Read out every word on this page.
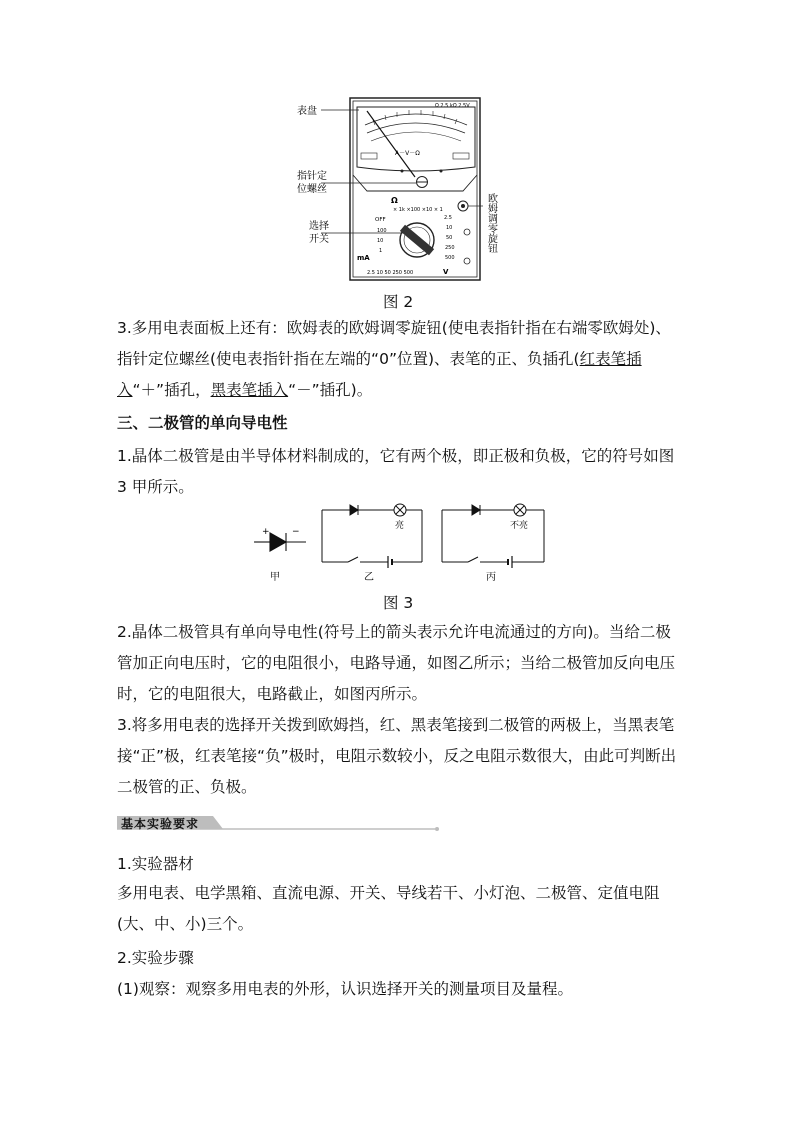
A－V－Ω
Ω 2.5 kΩ 2.5V
Ω
× 1k ×100 ×10 × 1
OFF
100
10
1
mA
2.5
10
50
250
500
2.5 10 50 250 500	V
表盘
指针定
位螺丝
选择
开关	欧姆调零旋钮
图 2
3.多用电表面板上还有：欧姆表的欧姆调零旋钮(使电表指针指在右端零欧姆处)、指针定位螺丝(使电表指针指在左端的“0”位置)、表笔的正、负插孔(红表笔插入“＋”插孔，黑表笔插入“－”插孔)。
三、二极管的单向导电性
1.晶体二极管是由半导体材料制成的，它有两个极，即正极和负极，它的符号如图 3 甲所示。
+ −
甲
亮
乙
不亮
丙
图 3
2.晶体二极管具有单向导电性(符号上的箭头表示允许电流通过的方向)。当给二极管加正向电压时，它的电阻很小，电路导通，如图乙所示；当给二极管加反向电压时，它的电阻很大，电路截止，如图丙所示。
3.将多用电表的选择开关拨到欧姆挡，红、黑表笔接到二极管的两极上，当黑表笔接“正”极，红表笔接“负”极时，电阻示数较小，反之电阻示数很大，由此可判断出二极管的正、负极。
基本实验要求
1.实验器材
多用电表、电学黑箱、直流电源、开关、导线若干、小灯泡、二极管、定值电阻(大、中、小)三个。
2.实验步骤
(1)观察：观察多用电表的外形，认识选择开关的测量项目及量程。
